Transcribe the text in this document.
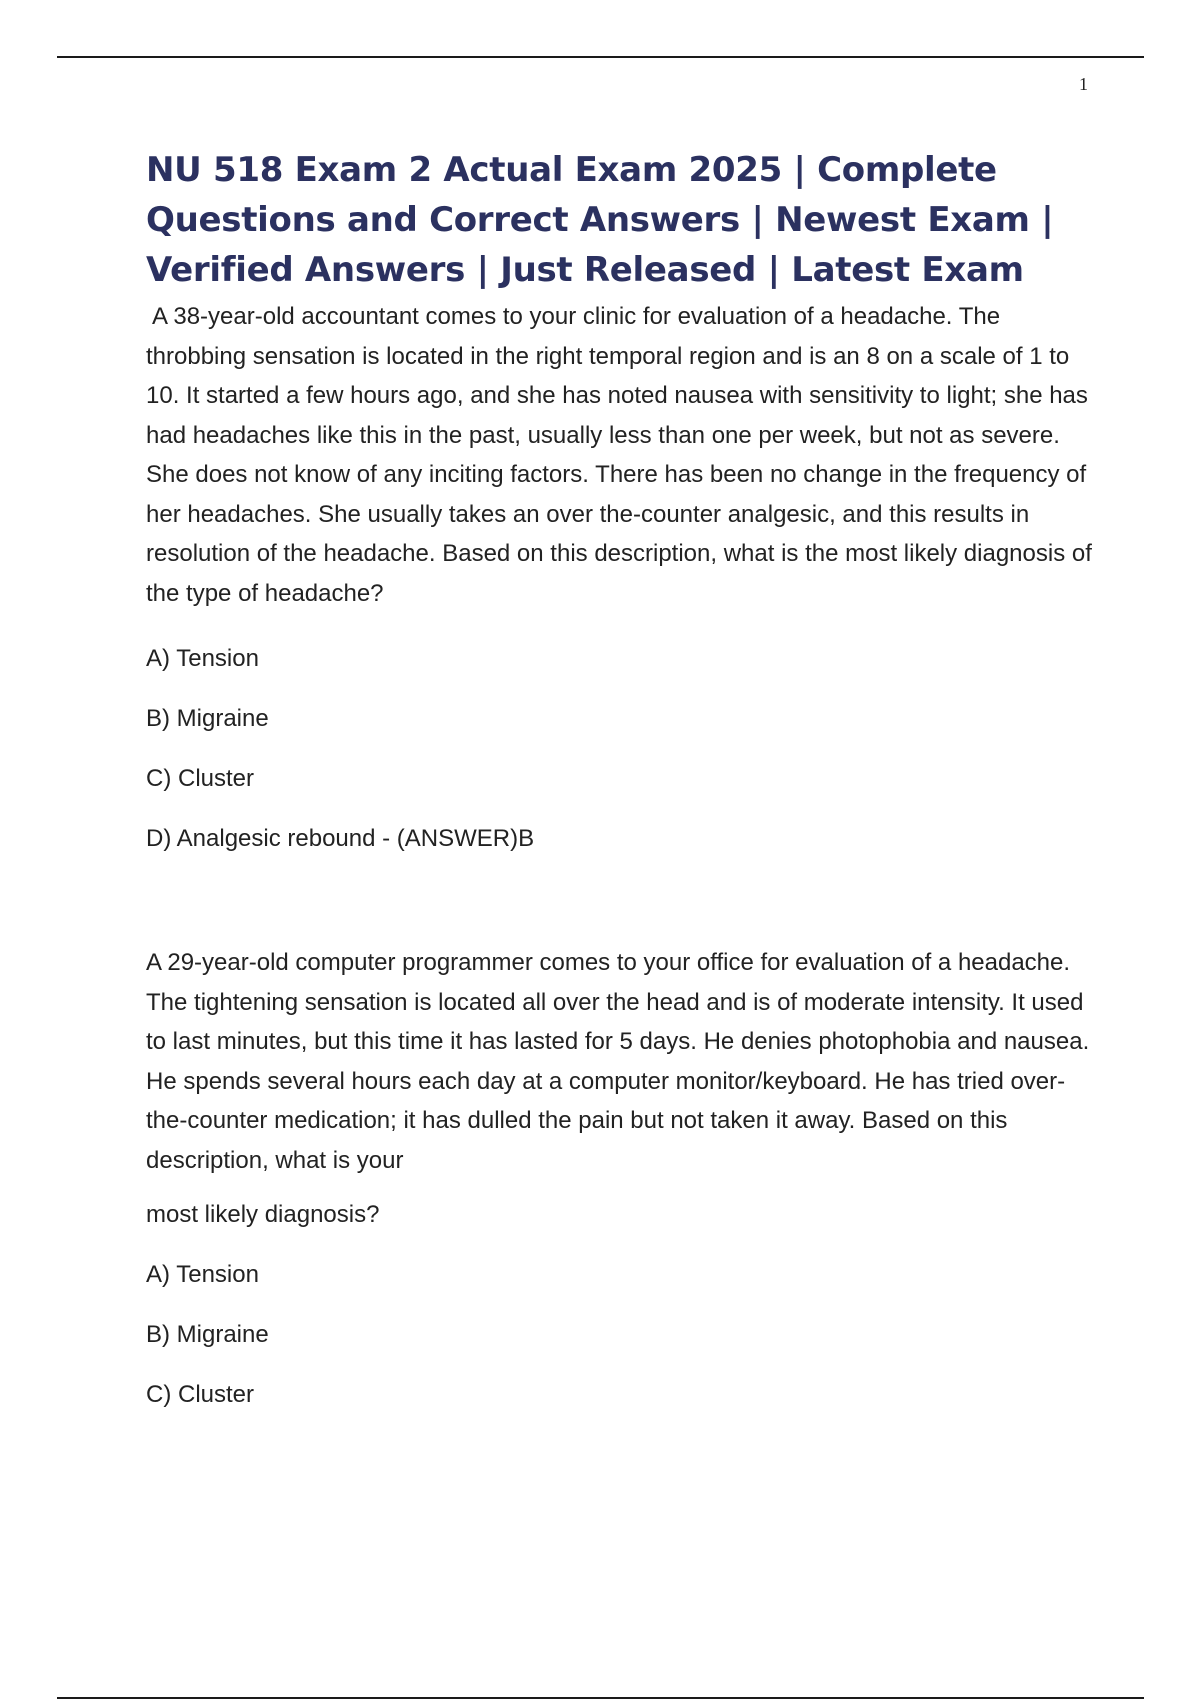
1
NU 518 Exam 2 Actual Exam 2025 | Complete Questions and Correct Answers | Newest Exam | Verified Answers | Just Released | Latest Exam

A 38-year-old accountant comes to your clinic for evaluation of a headache. The throbbing sensation is located in the right temporal region and is an 8 on a scale of 1 to 10. It started a few hours ago, and she has noted nausea with sensitivity to light; she has had headaches like this in the past, usually less than one per week, but not as severe. She does not know of any inciting factors. There has been no change in the frequency of her headaches. She usually takes an over the-counter analgesic, and this results in resolution of the headache. Based on this description, what is the most likely diagnosis of the type of headache?

A) Tension
B) Migraine
C) Cluster
D) Analgesic rebound - (ANSWER)B

A 29-year-old computer programmer comes to your office for evaluation of a headache. The tightening sensation is located all over the head and is of moderate intensity. It used to last minutes, but this time it has lasted for 5 days. He denies photophobia and nausea. He spends several hours each day at a computer monitor/keyboard. He has tried over-the-counter medication; it has dulled the pain but not taken it away. Based on this description, what is your

most likely diagnosis?

A) Tension
B) Migraine
C) Cluster
